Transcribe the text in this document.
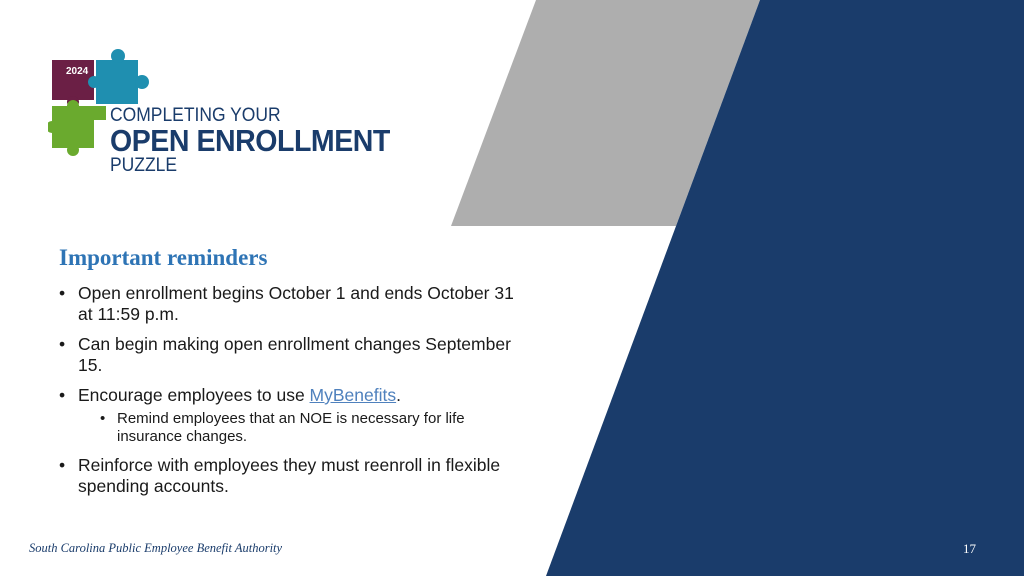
2024
COMPLETING YOUR
OPEN ENROLLMENT
PUZZLE
Important reminders
• Open enrollment begins October 1 and ends October 31 at 11:59 p.m.
• Can begin making open enrollment changes September 15.
• Encourage employees to use MyBenefits.
• Remind employees that an NOE is necessary for life insurance changes.
• Reinforce with employees they must reenroll in flexible spending accounts.
South Carolina Public Employee Benefit Authority	17
